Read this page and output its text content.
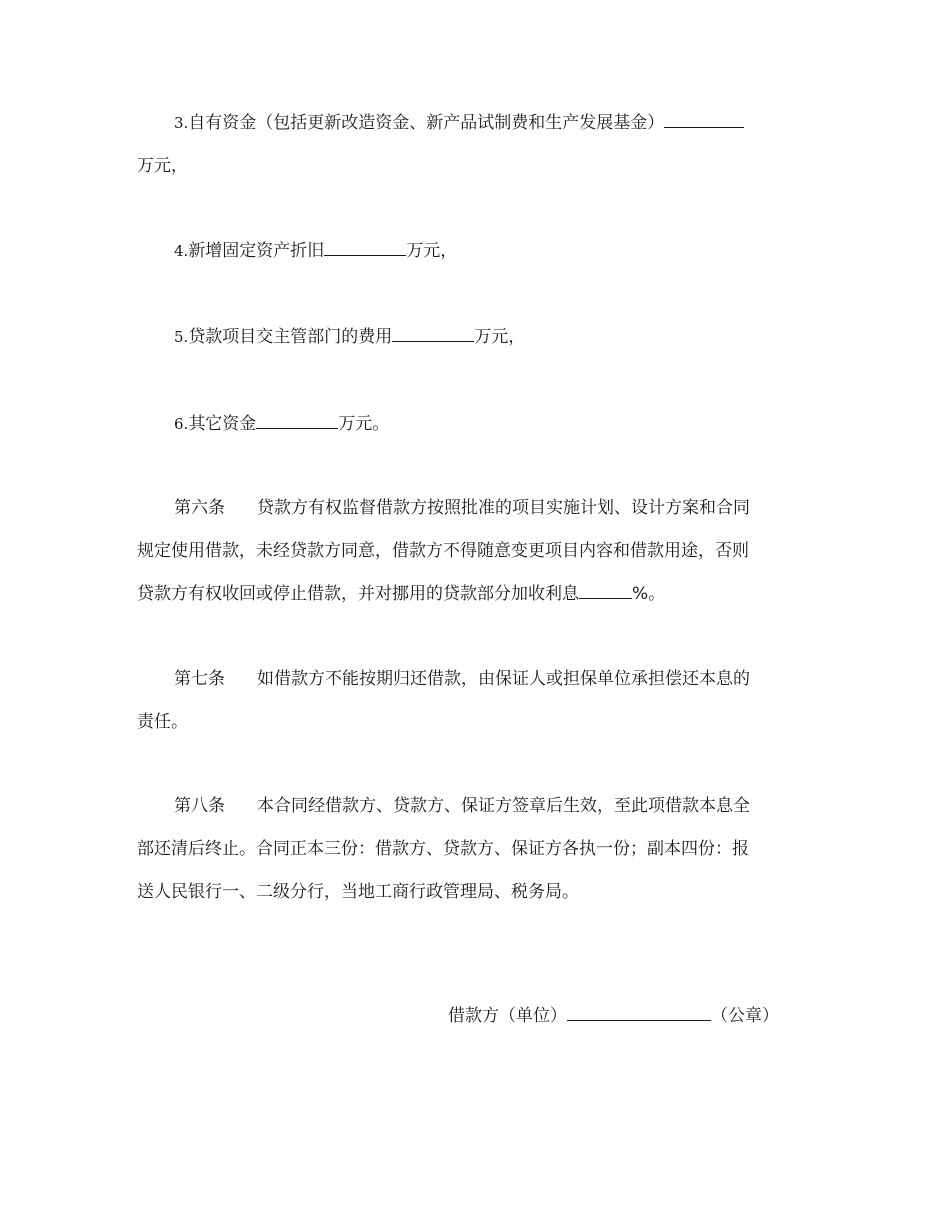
3.自有资金（包括更新改造资金、新产品试制费和生产发展基金）
万元，
4.新增固定资产折旧	万元，
5.贷款项目交主管部门的费用	万元，
6.其它资金	万元。
第六条 贷款方有权监督借款方按照批准的项目实施计划、设计方案和合同
规定使用借款，未经贷款方同意，借款方不得随意变更项目内容和借款用途，否则
贷款方有权收回或停止借款，并对挪用的贷款部分加收利息	%。
第七条 如借款方不能按期归还借款，由保证人或担保单位承担偿还本息的
责任。
第八条 本合同经借款方、贷款方、保证方签章后生效，至此项借款本息全
部还清后终止。合同正本三份：借款方、贷款方、保证方各执一份；副本四份：报
送人民银行一、二级分行，当地工商行政管理局、税务局。
借款方（单位）	（公章）
